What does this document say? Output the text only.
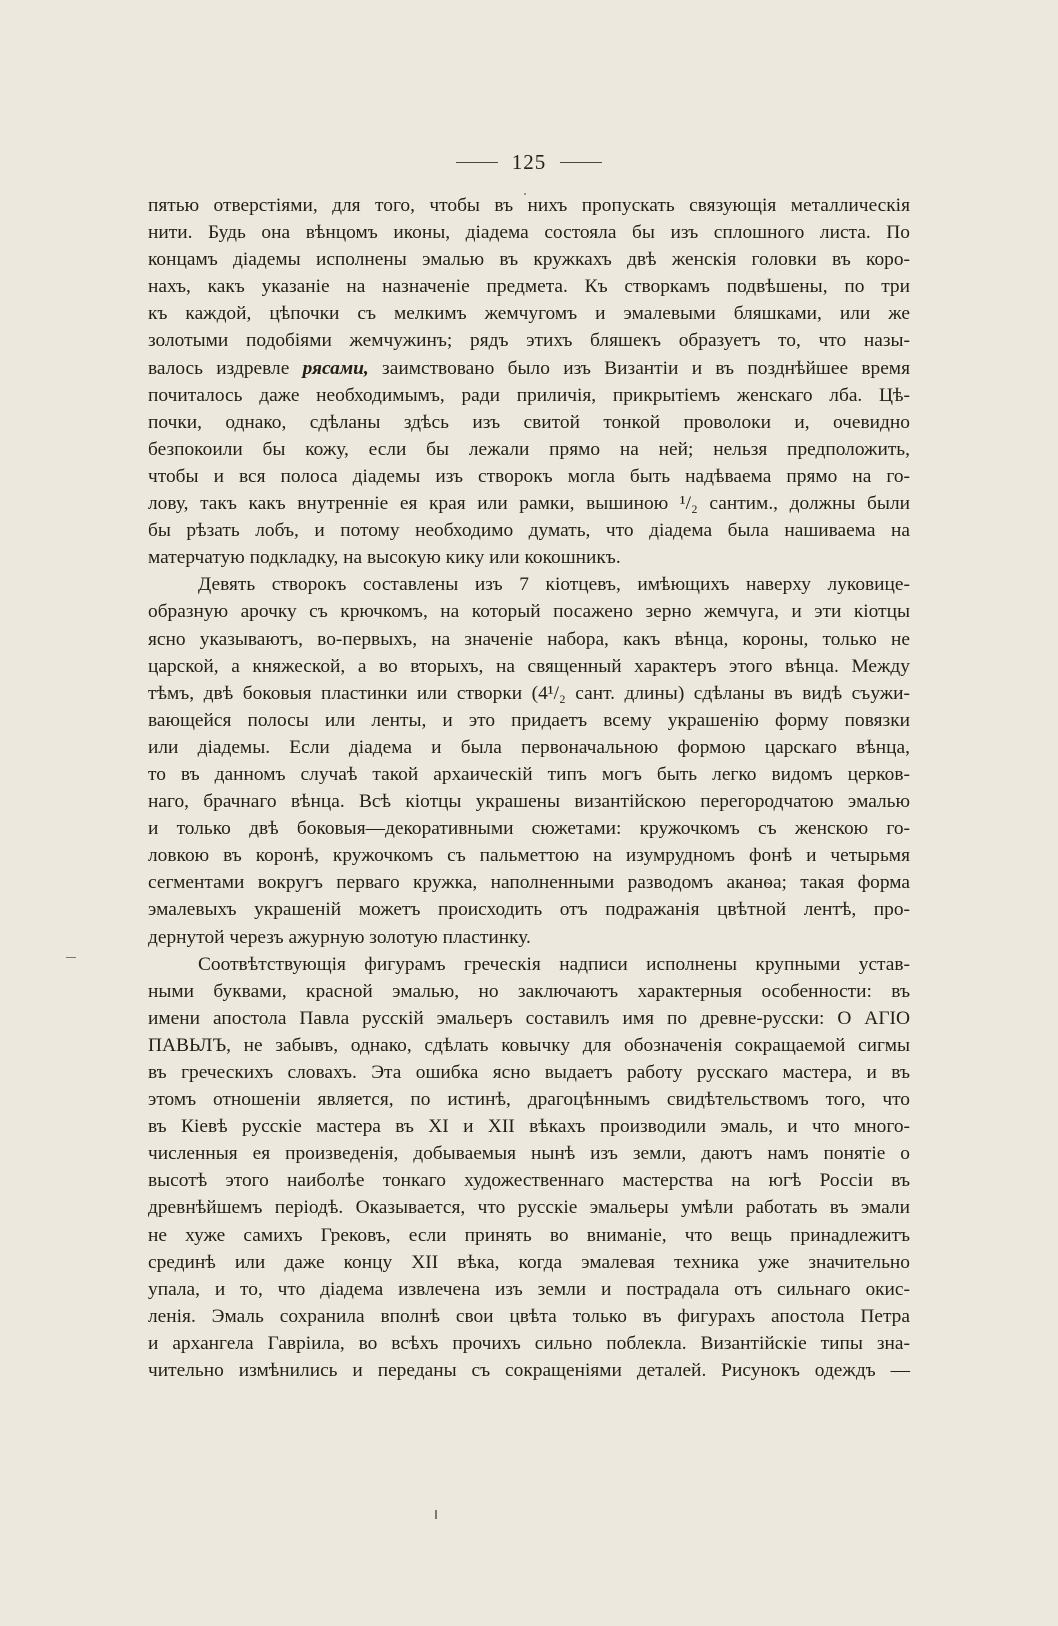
125
пятью отверстіями, для того, чтобы въ нихъ пропускать связующія металлическія
нити. Будь она вѣнцомъ иконы, діадема состояла бы изъ сплошного листа. По
концамъ діадемы исполнены эмалью въ кружкахъ двѣ женскія головки въ коро-
нахъ, какъ указаніе на назначеніе предмета. Къ створкамъ подвѣшены, по три
къ каждой, цѣпочки съ мелкимъ жемчугомъ и эмалевыми бляшками, или же
золотыми подобіями жемчужинъ; рядъ этихъ бляшекъ образуетъ то, что назы-
валось издревле рясами, заимствовано было изъ Византіи и въ позднѣйшее время
почиталось даже необходимымъ, ради приличія, прикрытіемъ женскаго лба. Цѣ-
почки, однако, сдѣланы здѣсь изъ свитой тонкой проволоки и, очевидно
безпокоили бы кожу, если бы лежали прямо на ней; нельзя предположить,
чтобы и вся полоса діадемы изъ створокъ могла быть надѣваема прямо на го-
лову, такъ какъ внутренніе ея края или рамки, вышиною ¹/₂ сантим., должны были
бы рѣзать лобъ, и потому необходимо думать, что діадема была нашиваема на
матерчатую подкладку, на высокую кику или кокошникъ.
Девять створокъ составлены изъ 7 кіотцевъ, имѣющихъ наверху луковице-
образную арочку съ крючкомъ, на который посажено зерно жемчуга, и эти кіотцы
ясно указываютъ, во-первыхъ, на значеніе набора, какъ вѣнца, короны, только не
царской, а княжеской, а во вторыхъ, на священный характеръ этого вѣнца. Между
тѣмъ, двѣ боковыя пластинки или створки (4¹/₂ сант. длины) сдѣланы въ видѣ съужи-
вающейся полосы или ленты, и это придаетъ всему украшенію форму повязки
или діадемы. Если діадема и была первоначальною формою царскаго вѣнца,
то въ данномъ случаѣ такой архаическій типъ могъ быть легко видомъ церков-
наго, брачнаго вѣнца. Всѣ кіотцы украшены византійскою перегородчатою эмалью
и только двѣ боковыя—декоративными сюжетами: кружочкомъ съ женскою го-
ловкою въ коронѣ, кружочкомъ съ пальметтою на изумрудномъ фонѣ и четырьмя
сегментами вокругъ перваго кружка, наполненными разводомъ аканѳа; такая форма
эмалевыхъ украшеній можетъ происходить отъ подражанія цвѣтной лентѣ, про-
дернутой черезъ ажурную золотую пластинку.
Соотвѣтствующія фигурамъ греческія надписи исполнены крупными устав-
ными буквами, красной эмалью, но заключаютъ характерныя особенности: въ
имени апостола Павла русскій эмальеръ составилъ имя по древне-русски: О АГІО
ПАВЬЛЪ, не забывъ, однако, сдѣлать ковычку для обозначенія сокращаемой сигмы
въ греческихъ словахъ. Эта ошибка ясно выдаетъ работу русскаго мастера, и въ
этомъ отношеніи является, по истинѣ, драгоцѣннымъ свидѣтельствомъ того, что
въ Кіевѣ русскіе мастера въ XI и XII вѣкахъ производили эмаль, и что много-
численныя ея произведенія, добываемыя нынѣ изъ земли, даютъ намъ понятіе о
высотѣ этого наиболѣе тонкаго художественнаго мастерства на югѣ Россіи въ
древнѣйшемъ періодѣ. Оказывается, что русскіе эмальеры умѣли работать въ эмали
не хуже самихъ Грековъ, если принять во вниманіе, что вещь принадлежитъ
срединѣ или даже концу XII вѣка, когда эмалевая техника уже значительно
упала, и то, что діадема извлечена изъ земли и пострадала отъ сильнаго окис-
ленія. Эмаль сохранила вполнѣ свои цвѣта только въ фигурахъ апостола Петра
и архангела Гавріила, во всѣхъ прочихъ сильно поблекла. Византійскіе типы зна-
чительно измѣнились и переданы съ сокращеніями деталей. Рисунокъ одеждъ —
